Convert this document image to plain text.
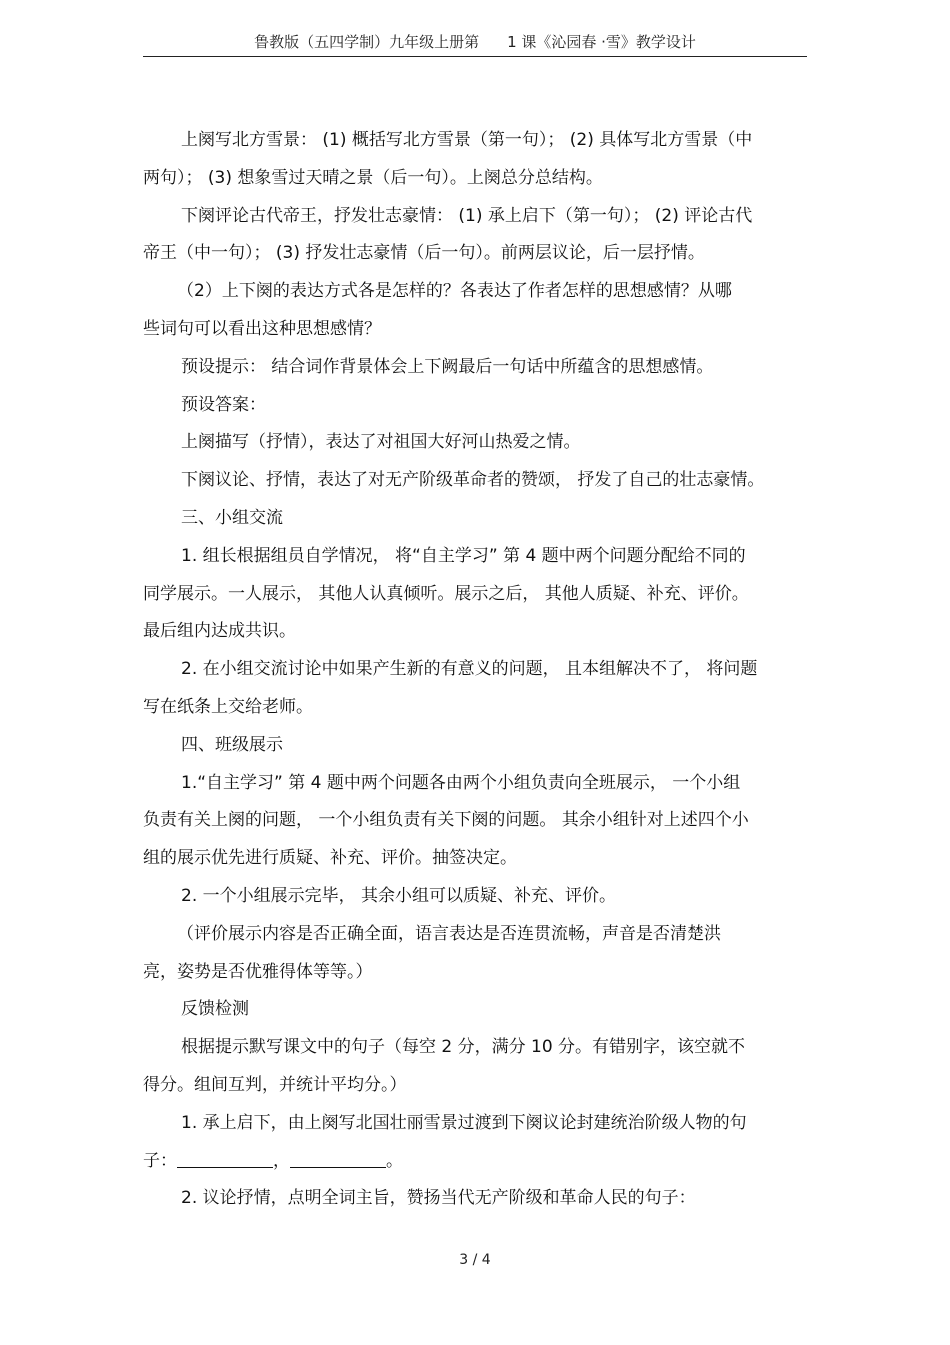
鲁教版（五四学制）九年级上册第 1 课《沁园春 ·雪》教学设计
上阕写北方雪景： (1) 概括写北方雪景（第一句）； (2) 具体写北方雪景（中
两句）； (3) 想象雪过天晴之景（后一句）。上阕总分总结构。
下阕评论古代帝王，抒发壮志豪情： (1) 承上启下（第一句）； (2) 评论古代
帝王（中一句）； (3) 抒发壮志豪情（后一句）。前两层议论，后一层抒情。
（2）上下阕的表达方式各是怎样的？各表达了作者怎样的思想感情？从哪
些词句可以看出这种思想感情？
预设提示： 结合词作背景体会上下阙最后一句话中所蕴含的思想感情。
预设答案：
上阕描写（抒情），表达了对祖国大好河山热爱之情。
下阕议论、抒情，表达了对无产阶级革命者的赞颂， 抒发了自己的壮志豪情。
三、小组交流
1. 组长根据组员自学情况， 将“自主学习” 第 4 题中两个问题分配给不同的
同学展示。一人展示， 其他人认真倾听。展示之后， 其他人质疑、补充、评价。
最后组内达成共识。
2. 在小组交流讨论中如果产生新的有意义的问题， 且本组解决不了， 将问题
写在纸条上交给老师。
四、班级展示
1.“自主学习” 第 4 题中两个问题各由两个小组负责向全班展示， 一个小组
负责有关上阕的问题， 一个小组负责有关下阕的问题。 其余小组针对上述四个小
组的展示优先进行质疑、补充、评价。抽签决定。
2. 一个小组展示完毕， 其余小组可以质疑、补充、评价。
（评价展示内容是否正确全面，语言表达是否连贯流畅，声音是否清楚洪
亮，姿势是否优雅得体等等。）
反馈检测
根据提示默写课文中的句子（每空 2 分，满分 10 分。有错别字，该空就不
得分。组间互判，并统计平均分。）
1. 承上启下，由上阕写北国壮丽雪景过渡到下阕议论封建统治阶级人物的句
子：	，	。
2. 议论抒情，点明全词主旨，赞扬当代无产阶级和革命人民的句子：
3 / 4
